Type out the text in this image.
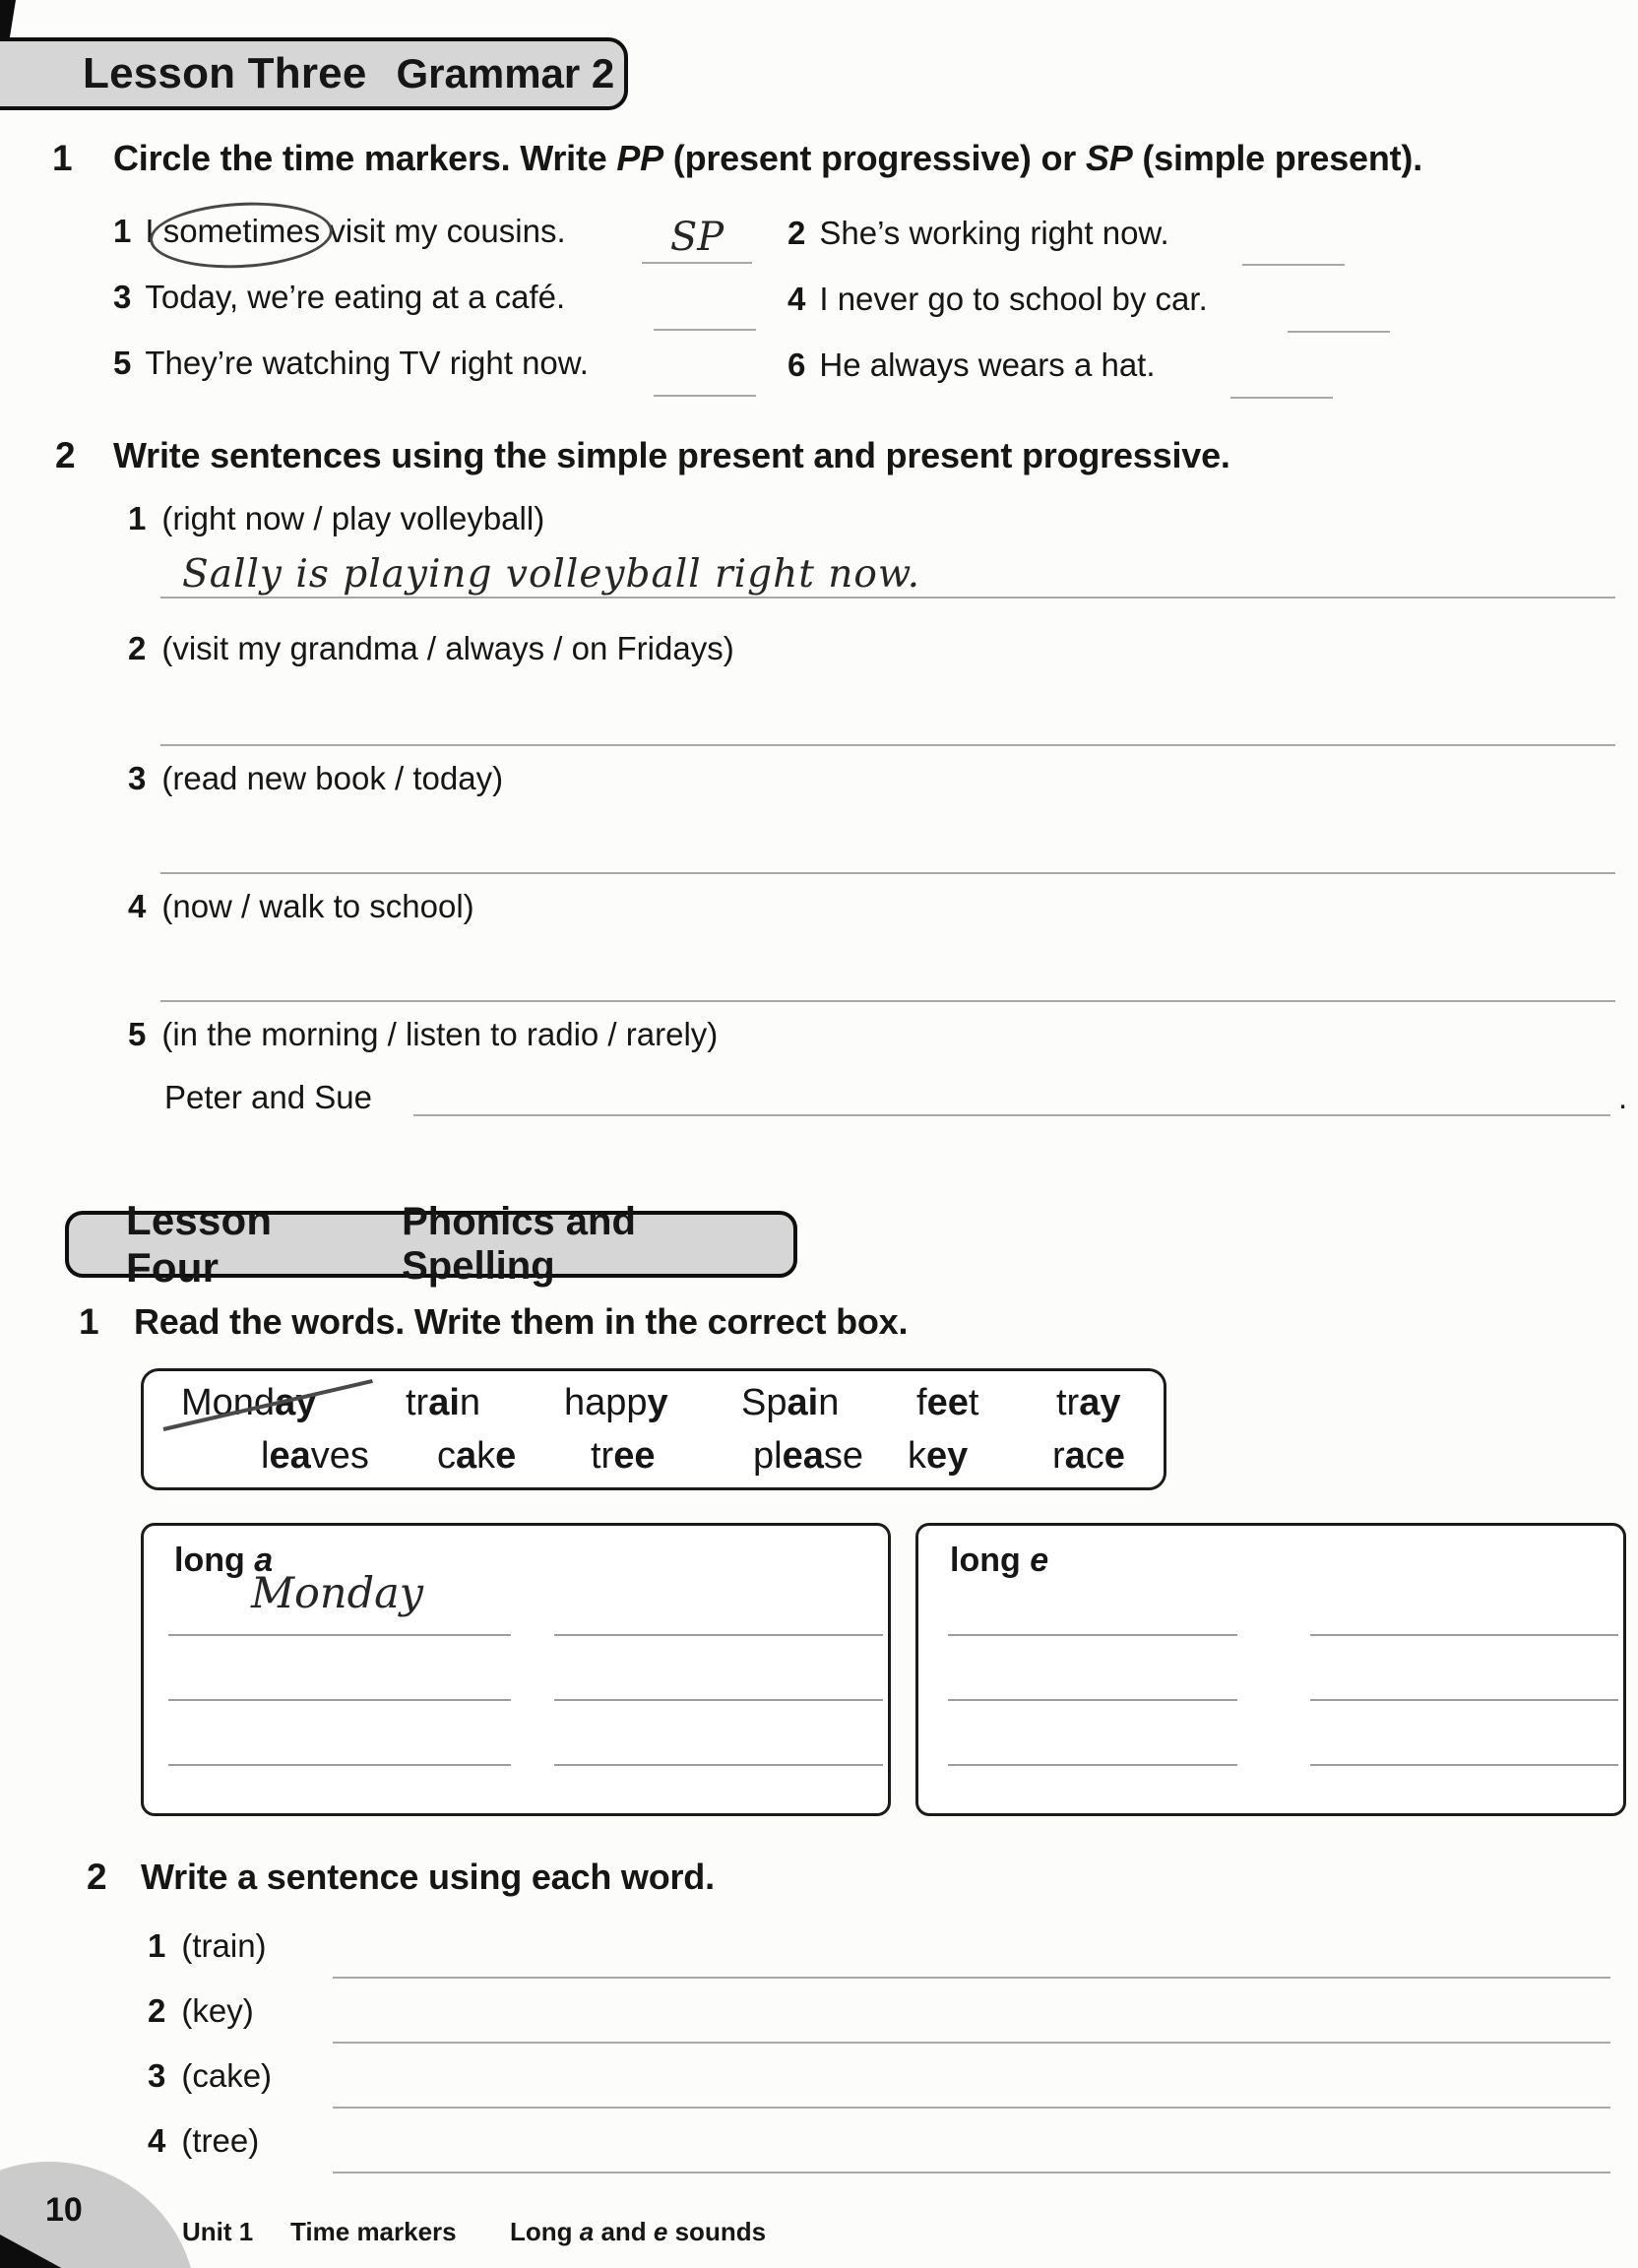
Lesson Three Grammar 2
1 Circle the time markers. Write PP (present progressive) or SP (simple present).
1 I
sometimes visit my cousins.	SP	2 She’s working right now.
3 Today, we’re eating at a café.	4 I never go to school by car.
5 They’re watching TV right now.	6 He always wears a hat.
2 Write sentences using the simple present and present progressive.
1 (right now / play volleyball)
Sally is playing volleyball right now.
2 (visit my grandma / always / on Fridays)
3 (read new book / today)
4 (now / walk to school)
5 (in the morning / listen to radio / rarely)
Peter and Sue	.
Lesson Four
Phonics and Spelling
1 Read the words. Write them in the correct box.
Monday train happy Spain feet tray
leaves cake tree	please key race
long a
Monday
long e
2 Write a sentence using each word.
1 (train)
2 (key)
3 (cake)
4 (tree)
10
Unit 1 Time markers Long a and e sounds
